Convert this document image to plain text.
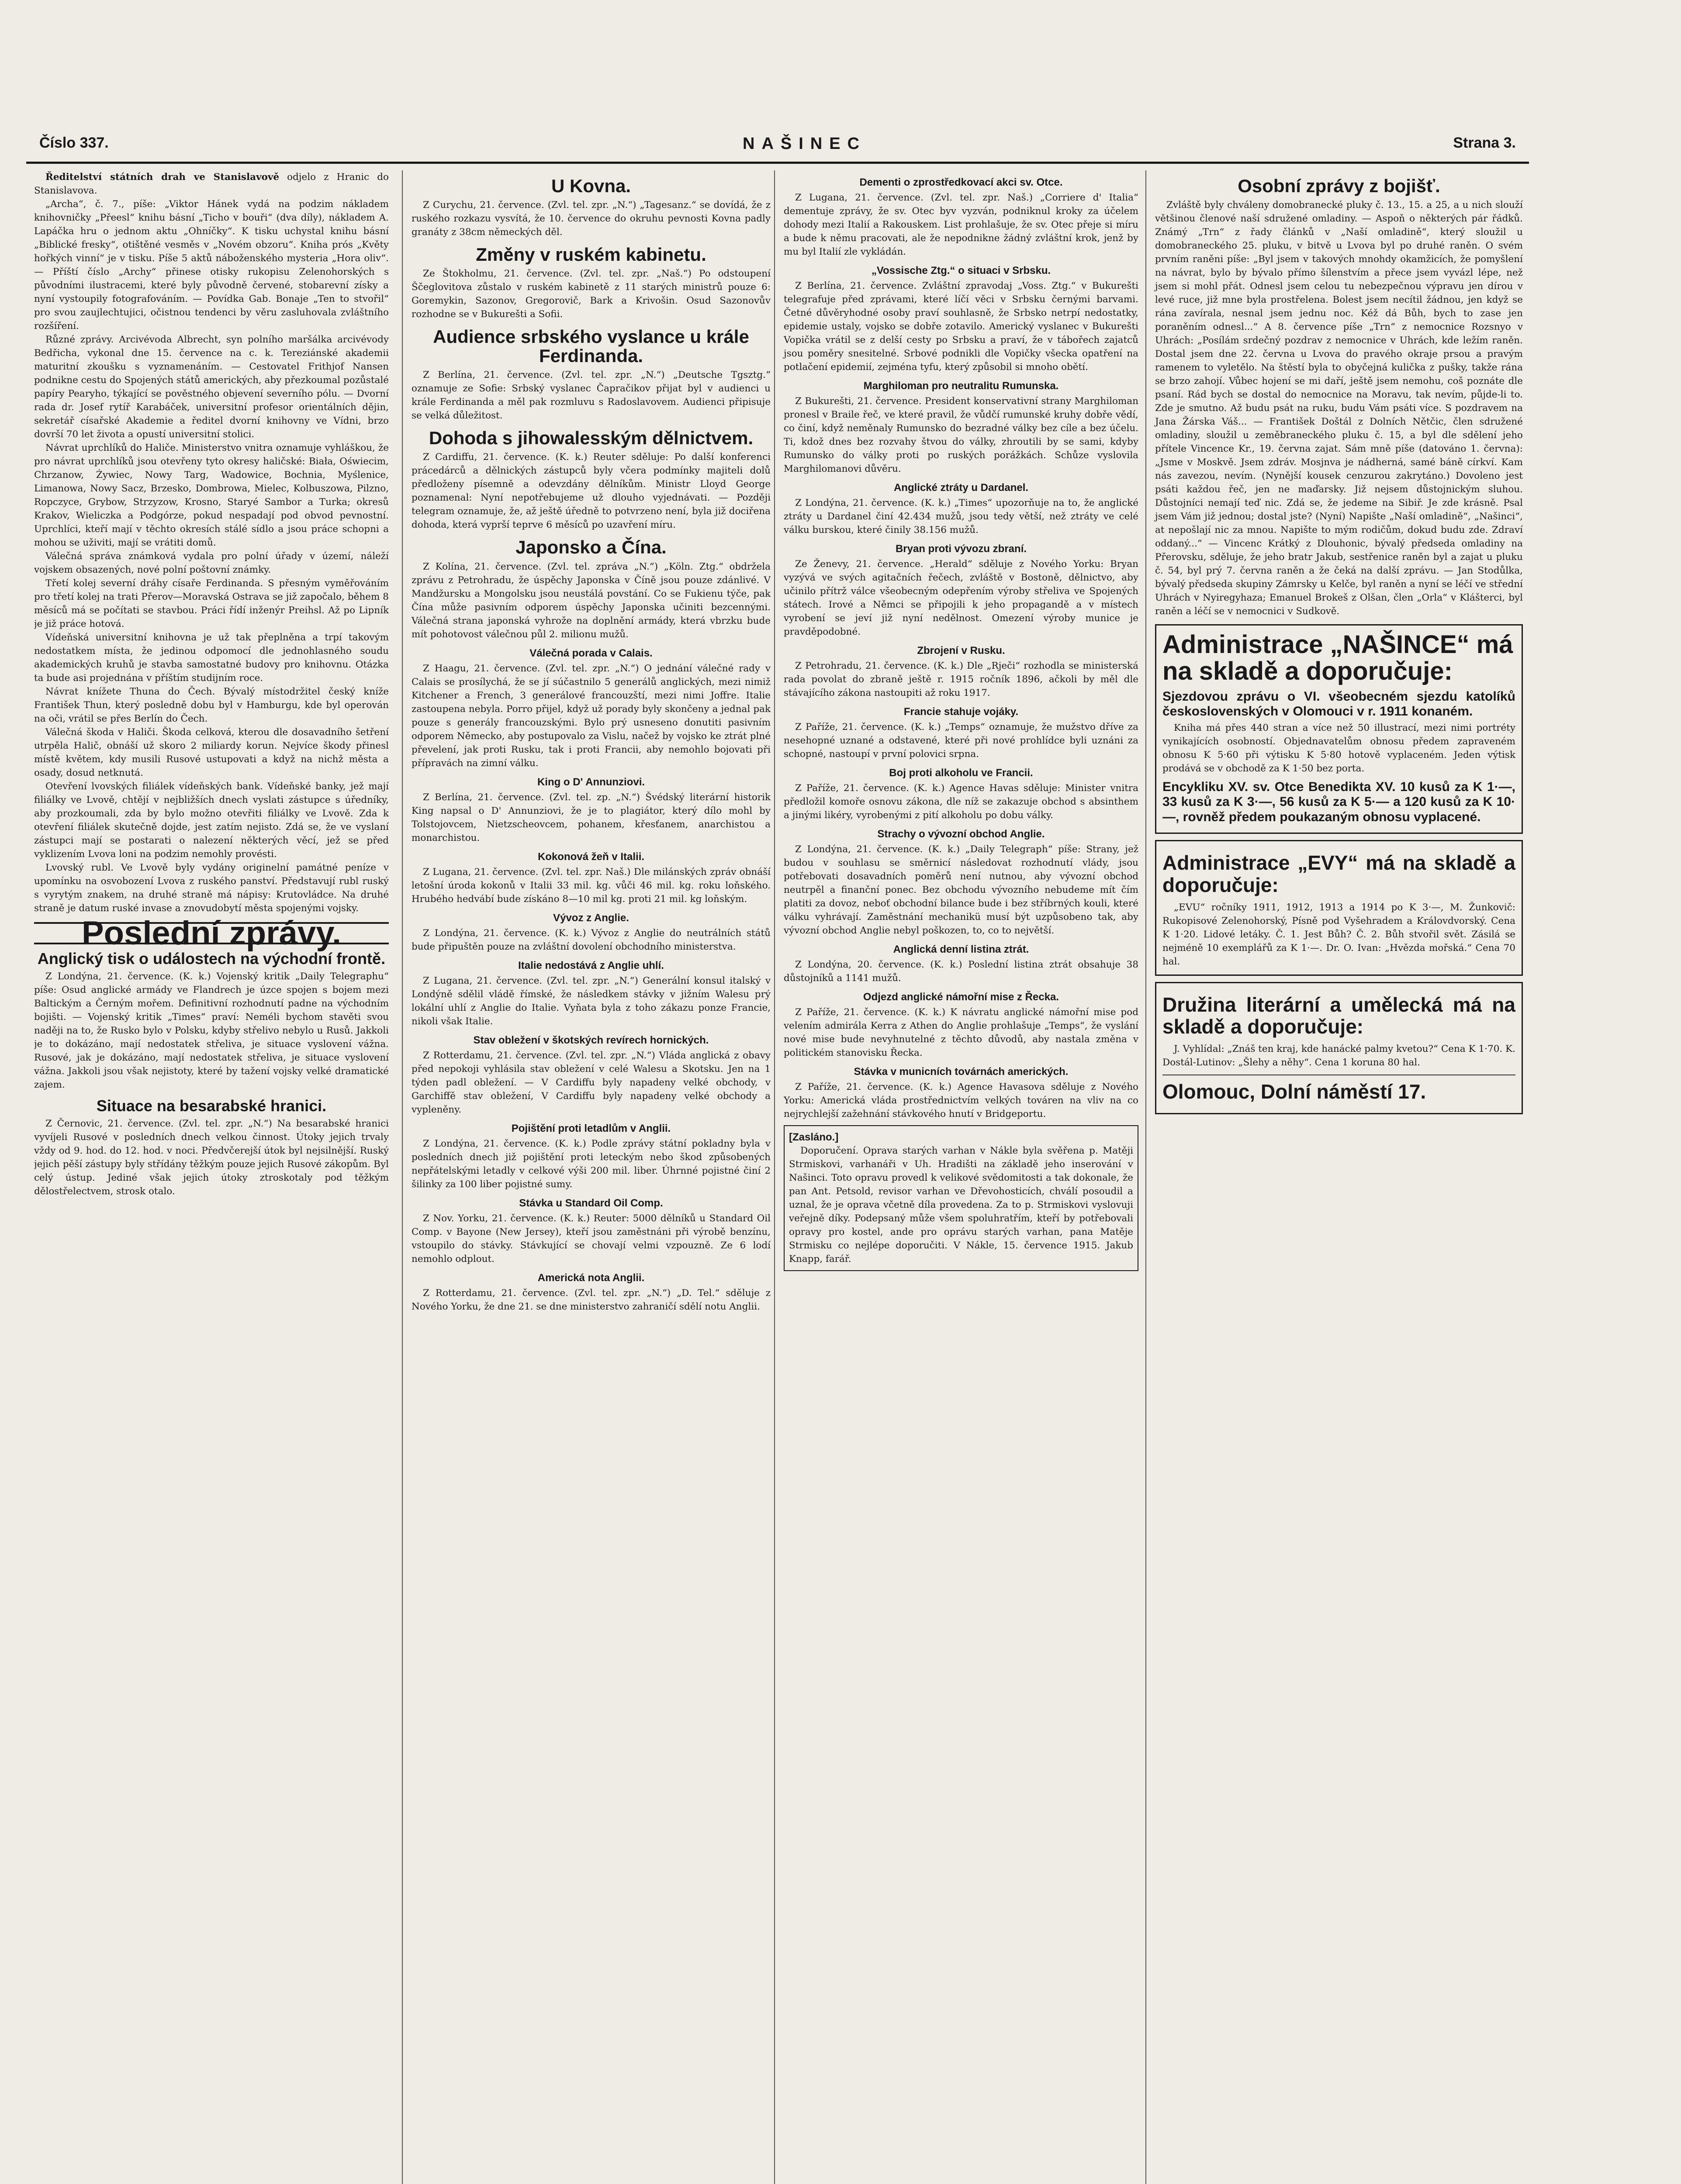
Číslo 337.	NAŠINEC	Strana 3.

Ředitelství státních drah ve Stanislavově odjelo z Hranic do Stanislavova.

„Archa“, č. 7., píše: „Viktor Hánek vydá na podzim nákladem knihovničky „Přeesl“ knihu básní „Ticho v bouři“ (dva díly), nákladem A. Lapáčka hru o jednom aktu „Ohníčky“. K tisku uchystal knihu básní „Biblické fresky“, otištěné vesměs v „Novém obzoru“. Kniha prós „Květy hořkých vinní“ je v tisku. Píše 5 aktů náboženského mysteria „Hora oliv“. — Příští číslo „Archy“ přinese otisky rukopisu Zelenohorských s původními ilustracemi, které byly původně červené, stobarevní získy a nyní vystoupily fotografováním. — Povídka Gab. Bonaje „Ten to stvořil“ pro svou zaujlechtujici, očistnou tendenci by věru zasluhovala zvláštního rozšíření.

Různé zprávy. Arcivévoda Albrecht, syn polního maršálka arcivévody Bedřicha, vykonal dne 15. července na c. k. Tereziánské akademii maturitní zkoušku s vyznamenáním. — Cestovatel Frithjof Nansen podnikne cestu do Spojených států amerických, aby přezkoumal pozůstalé papíry Pearyho, týkající se pověstného objevení severního pólu. — Dvorní rada dr. Josef rytíř Karabáček, universitní profesor orientálních dějin, sekretář císařské Akademie a ředitel dvorní knihovny ve Vídni, brzo dovrší 70 let života a opustí universitní stolici.

Návrat uprchlíků do Haliče. Ministerstvo vnitra oznamuje vyhláškou, že pro návrat uprchlíků jsou otevřeny tyto okresy haličské: Biała, Oświecim, Chrzanow, Żywiec, Nowy Targ, Wadowice, Bochnia, Myślenice, Limanowa, Nowy Sacz, Brzesko, Dombrowa, Mielec, Kolbuszowa, Pilzno, Ropczyce, Grybow, Strzyzow, Krosno, Staryé Sambor a Turka; okresů Krakov, Wieliczka a Podgórze, pokud nespadají pod obvod pevnostní. Uprchlíci, kteří mají v těchto okresích stálé sídlo a jsou práce schopni a mohou se uživiti, mají se vrátiti domů.

Válečná správa známková vydala pro polní úřady v území, náleží vojskem obsazených, nové polní poštovní známky.

Třetí kolej severní dráhy císaře Ferdinanda. S přesným vyměřováním pro třetí kolej na trati Přerov—Moravská Ostrava se již započalo, během 8 měsíců má se počítati se stavbou. Práci řídí inženýr Preihsl. Až po Lipník je již práce hotová.

Vídeňská universitní knihovna je už tak přeplněna a trpí takovým nedostatkem místa, že jedinou odpomocí dle jednohlasného soudu akademických kruhů je stavba samostatné budovy pro knihovnu. Otázka ta bude asi projednána v příštím studijním roce.

Návrat knížete Thuna do Čech. Bývalý místodržitel český kníže František Thun, který posledně dobu byl v Hamburgu, kde byl operován na oči, vrátil se přes Berlín do Čech.

Válečná škoda v Haliči. Škoda celková, kterou dle dosavadního šetření utrpěla Halič, obnáší už skoro 2 miliardy korun. Nejvíce škody přinesl místě květem, kdy musili Rusové ustupovati a když na nichž města a osady, dosud netknutá.

Otevření lvovských filiálek vídeňských bank. Vídeňské banky, jež mají filiálky ve Lvově, chtějí v nejbližších dnech vyslati zástupce s úředníky, aby prozkoumali, zda by bylo možno otevřiti filiálky ve Lvově. Zda k otevření filiálek skutečně dojde, jest zatím nejisto. Zdá se, že ve vyslaní zástupci mají se postarati o nalezení některých věcí, jež se před vyklizením Lvova loni na podzim nemohly provésti.

Lvovský rubl. Ve Lvově byly vydány originelní památné peníze v upomínku na osvobození Lvova z ruského panství. Představují rubl ruský s vyrytým znakem, na druhé straně má nápisy: Krutovládce. Na druhé straně je datum ruské invase a znovudobytí města spojenými vojsky.

Poslední zprávy.
Anglický tisk o událostech na východní frontě.

Z Londýna, 21. července. (K. k.) Vojenský kritik „Daily Telegraphu“ píše: Osud anglické armády ve Flandrech je úzce spojen s bojem mezi Baltickým a Černým mořem. Definitivní rozhodnutí padne na východním bojišti. — Vojenský kritik „Times“ praví: Neméli bychom stavěti svou naději na to, že Rusko bylo v Polsku, kdyby střelivo nebylo u Rusů. Jakkoli je to dokázáno, mají nedostatek střeliva, je situace vyslovení vážna. Rusové, jak je dokázáno, mají nedostatek střeliva, je situace vyslovení vážna. Jakkoli jsou však nejistoty, které by tažení vojsky velké dramatické zajem.

Situace na besarabské hranici.

Z Černovic, 21. července. (Zvl. tel. zpr. „N.“) Na besarabské hranici vyvíjeli Rusové v posledních dnech velkou činnost. Útoky jejich trvaly vždy od 9. hod. do 12. hod. v noci. Předvčerejší útok byl nejsilnější. Ruský jejich pěší zástupy byly střídány těžkým pouze jejich Rusové zákopům. Byl celý ústup. Jediné však jejich útoky ztroskotaly pod těžkým dělostřelectvem, strosk otalo.

U Kovna.

Z Curychu, 21. července. (Zvl. tel. zpr. „N.“) „Tagesanz.“ se dovídá, že z ruského rozkazu vysvítá, že 10. července do okruhu pevnosti Kovna padly granáty z 38cm německých děl.

Změny v ruském kabinetu.

Ze Štokholmu, 21. července. (Zvl. tel. zpr. „Naš.“) Po odstoupení Ščeglovitova zůstalo v ruském kabinetě z 11 starých ministrů pouze 6: Goremykin, Sazonov, Gregorovič, Bark a Krivošin. Osud Sazonovův rozhodne se v Bukurešti a Sofii.

Audience srbského vyslance u krále Ferdinanda.

Z Berlína, 21. července. (Zvl. tel. zpr. „N.“) „Deutsche Tgsztg.“ oznamuje ze Sofie: Srbský vyslanec Čapračikov přijat byl v audienci u krále Ferdinanda a měl pak rozmluvu s Radoslavovem. Audienci připisuje se velká důležitost.

Dohoda s jihowalesským dělnictvem.

Z Cardiffu, 21. července. (K. k.) Reuter sděluje: Po další konferenci prácedárců a dělnických zástupců byly včera podmínky majiteli dolů předloženy písemně a odevzdány dělníkům. Ministr Lloyd George poznamenal: Nyní nepotřebujeme už dlouho vyjednávati. — Později telegram oznamuje, že, až ještě úředně to potvrzeno není, byla již dociřena dohoda, která vyprší teprve 6 měsíců po uzavření míru.

Japonsko a Čína.

Z Kolína, 21. července. (Zvl. tel. zpráva „N.“) „Köln. Ztg.“ obdržela zprávu z Petrohradu, že úspěchy Japonska v Číně jsou pouze zdánlivé. V Mandžursku a Mongolsku jsou neustálá povstání. Co se Fukienu týče, pak Čína může pasivním odporem úspěchy Japonska učiniti bezcennými. Válečná strana japonská vyhrože na doplnění armády, která vbrzku bude mít pohotovost válečnou půl 2. milionu mužů.

Válečná porada v Calais.

Z Haagu, 21. července. (Zvl. tel. zpr. „N.“) O jednání válečné rady v Calais se prosílychá, že se jí súčastnilo 5 generálů anglických, mezi nimiž Kitchener a French, 3 generálové francouzští, mezi nimi Joffre. Italie zastoupena nebyla. Porro přijel, když už porady byly skončeny a jednal pak pouze s generály francouzskými. Bylo prý usneseno donutiti pasivním odporem Německo, aby postupovalo za Vislu, načež by vojsko ke ztrát plné převelení, jak proti Rusku, tak i proti Francii, aby nemohlo bojovati při přípravách na zimní válku.

King o D' Annunziovi.

Z Berlína, 21. července. (Zvl. tel. zp. „N.“) Švédský literární historik King napsal o D' Annunziovi, že je to plagiátor, který dílo mohl by Tolstojovcem, Nietzscheovcem, pohanem, křesťanem, anarchistou a monarchistou.

Kokonová žeň v Italii.

Z Lugana, 21. července. (Zvl. tel. zpr. Naš.) Dle milánských zpráv obnáší letošní úroda kokonů v Italii 33 mil. kg. vůči 46 mil. kg. roku loňského. Hrubého hedvábí bude získáno 8—10 mil kg. proti 21 mil. kg loňským.

Vývoz z Anglie.

Z Londýna, 21. července. (K. k.) Vývoz z Anglie do neutrálních států bude připuštěn pouze na zvláštní dovolení obchodního ministerstva.

Italie nedostává z Anglie uhlí.

Z Lugana, 21. července. (Zvl. tel. zpr. „N.“) Generální konsul italský v Londýně sdělil vládě římské, že následkem stávky v jižním Walesu prý lokální uhlí z Anglie do Italie. Vyňata byla z toho zákazu ponze Francie, nikoli však Italie.

Stav obležení v škotských revírech hornických.

Z Rotterdamu, 21. července. (Zvl. tel. zpr. „N.“) Vláda anglická z obavy před nepokoji vyhlásila stav obležení v celé Walesu a Skotsku. Jen na 1 týden padl obležení. — V Cardiffu byly napadeny velké obchody, v Garchiffě stav obležení, V Cardiffu byly napadeny velké obchody a vypleněny.

Pojištění proti letadlům v Anglii.

Z Londýna, 21. července. (K. k.) Podle zprávy státní pokladny byla v posledních dnech již pojištění proti leteckým nebo škod způsobených nepřátelskými letadly v celkové výši 200 mil. liber. Úhrnné pojistné činí 2 šilinky za 100 liber pojistné sumy.

Stávka u Standard Oil Comp.

Z Nov. Yorku, 21. července. (K. k.) Reuter: 5000 dělníků u Standard Oil Comp. v Bayone (New Jersey), kteří jsou zaměstnáni při výrobě benzínu, vstoupilo do stávky. Stávkující se chovají velmi vzpouzně. Ze 6 lodí nemohlo odplout.

Americká nota Anglii.

Z Rotterdamu, 21. července. (Zvl. tel. zpr. „N.“) „D. Tel.“ sděluje z Nového Yorku, že dne 21. se dne ministerstvo zahraničí sdělí notu Anglii.

Dementi o zprostředkovací akci sv. Otce.

Z Lugana, 21. července. (Zvl. tel. zpr. Naš.) „Corriere d' Italia“ dementuje zprávy, že sv. Otec byv vyzván, podniknul kroky za účelem dohody mezi Italií a Rakouskem. List prohlašuje, že sv. Otec přeje si míru a bude k němu pracovati, ale že nepodnikne žádný zvláštní krok, jenž by mu byl Italií zle vykládán.

„Vossische Ztg.“ o situaci v Srbsku.

Z Berlína, 21. července. Zvláštní zpravodaj „Voss. Ztg.“ v Bukurešti telegrafuje před zprávami, které líčí věci v Srbsku černými barvami. Četné důvěryhodné osoby praví souhlasně, že Srbsko netrpí nedostatky, epidemie ustaly, vojsko se dobře zotavilo. Americký vyslanec v Bukurešti Vopička vrátil se z delší cesty po Srbsku a praví, že v tábořech zajatců jsou poměry snesitelné. Srbové podnikli dle Vopičky všecka opatření na potlačení epidemií, zejména tyfu, který způsobil si mnoho obětí.

Marghiloman pro neutralitu Rumunska.

Z Bukurešti, 21. července. President konservativní strany Marghiloman pronesl v Braile řeč, ve které pravil, že vůdčí rumunské kruhy dobře vědí, co činí, když neměnaly Rumunsko do bezradné války bez cíle a bez účelu. Ti, kdož dnes bez rozvahy štvou do války, zhroutili by se sami, kdyby Rumunsko do války proti po ruských porážkách. Schůze vyslovila Marghilomanovi důvěru.

Anglické ztráty u Dardanel.

Z Londýna, 21. července. (K. k.) „Times“ upozorňuje na to, že anglické ztráty u Dardanel činí 42.434 mužů, jsou tedy větší, než ztráty ve celé válku burskou, které činily 38.156 mužů.

Bryan proti vývozu zbraní.

Ze Ženevy, 21. července. „Herald“ sděluje z Nového Yorku: Bryan vyzývá ve svých agitačních řečech, zvláště v Bostoně, dělnictvo, aby učinilo přítrž válce všeobecným odepřením výroby střeliva ve Spojených státech. Irové a Němci se připojili k jeho propagandě a v místech vyrobení se jeví již nyní nedělnost. Omezení výroby munice je pravděpodobné.

Zbrojení v Rusku.

Z Petrohradu, 21. července. (K. k.) Dle „Rječi“ rozhodla se ministerská rada povolat do zbraně ještě r. 1915 ročník 1896, ačkoli by měl dle stávajícího zákona nastoupiti až roku 1917.

Francie stahuje vojáky.

Z Paříže, 21. července. (K. k.) „Temps“ oznamuje, že mužstvo dříve za nesehopné uznané a odstavené, které při nové prohlídce byli uznáni za schopné, nastoupí v první polovici srpna.

Boj proti alkoholu ve Francii.

Z Paříže, 21. července. (K. k.) Agence Havas sděluje: Minister vnitra předložil komoře osnovu zákona, dle níž se zakazuje obchod s absinthem a jinými likéry, vyrobenými z pití alkoholu po dobu války.

Strachy o vývozní obchod Anglie.

Z Londýna, 21. července. (K. k.) „Daily Telegraph“ píše: Strany, jež budou v souhlasu se směrnicí následovat rozhodnutí vlády, jsou potřebovati dosavadních poměrů není nutnou, aby vývozní obchod neutrpěl a finanční ponec. Bez obchodu vývozního nebudeme mít čím platiti za dovoz, neboť obchodní bilance bude i bez stříbrných kouli, které válku vyhrávají. Zaměstnání mechanikü musí být uzpůsobeno tak, aby vývozní obchod Anglie nebyl poškozen, to, co to největší.

Anglická denní listina ztrát.

Z Londýna, 20. července. (K. k.) Poslední listina ztrát obsahuje 38 důstojníků a 1141 mužů.

Odjezd anglické námořní mise z Řecka.

Z Paříže, 21. července. (K. k.) K návratu anglické námořní mise pod velením admirála Kerra z Athen do Anglie prohlašuje „Temps“, že vyslání nové mise bude nevyhnutelné z těchto důvodů, aby nastala změna v politickém stanovisku Řecka.

Stávka v municních továrnách amerických.

Z Paříže, 21. července. (K. k.) Agence Havasova sděluje z Nového Yorku: Americká vláda prostřednictvím velkých továren na vliv na co nejrychlejší zažehnání stávkového hnutí v Bridgeportu.

[Zasláno.]

Doporučení. Oprava starých varhan v Nákle byla svěřena p. Matěji Strmiskovi, varhanáři v Uh. Hradišti na základě jeho inserování v Našinci. Toto opravu provedl k velikové svědomitosti a tak dokonale, že pan Ant. Petsold, revisor varhan ve Dřevohosticích, chválí posoudil a uznal, že je oprava včetně díla provedena. Za to p. Strmiskovi vyslovuji veřejně díky. Podepsaný může všem spoluhratřím, kteří by potřebovali opravy pro kostel, ande pro oprávu starých varhan, pana Matěje Strmisku co nejlépe doporučiti. V Nákle, 15. července 1915. Jakub Knapp, farář.

Osobní zprávy z bojišť.

Zvláště byly chváleny domobranecké pluky č. 13., 15. a 25, a u nich slouží většinou členové naší sdružené omladiny. — Aspoň o některých pár řádků. Známý „Trn“ z řady článků v „Naší omladině“, který sloužil u domobraneckého 25. pluku, v bitvě u Lvova byl po druhé raněn. O svém prvním raněni píše: „Byl jsem v takových mnohdy okamžicích, že pomyšlení na návrat, bylo by bývalo přímo šílenstvím a přece jsem vyvázl lépe, než jsem si mohl přát. Odnesl jsem celou tu nebezpečnou výpravu jen dírou v levé ruce, již mne byla prostřelena. Bolest jsem necítil žádnou, jen když se rána zavírala, nesnal jsem jednu noc. Kéž dá Bůh, bych to zase jen poraněním odnesl...“ A 8. července píše „Trn“ z nemocnice Rozsnyo v Uhrách: „Posílám srdečný pozdrav z nemocnice v Uhrách, kde ležím raněn. Dostal jsem dne 22. června u Lvova do pravého okraje prsou a pravým ramenem to vyletělo. Na štěstí byla to obyčejná kulička z pušky, takže rána se brzo zahojí. Vůbec hojení se mi daří, ještě jsem nemohu, coš poznáte dle psaní. Rád bych se dostal do nemocnice na Moravu, tak nevím, půjde-li to. Zde je smutno. Až budu psát na ruku, budu Vám psáti více. S pozdravem na Jana Žárska Váš... — František Doštál z Dolních Nětčic, člen sdružené omladiny, sloužil u zeměbraneckého pluku č. 15, a byl dle sdělení jeho přítele Vincence Kr., 19. června zajat. Sám mně píše (datováno 1. června): „Jsme v Moskvě. Jsem zdráv. Mosjnva je nádherná, samé báně církví. Kam nás zavezou, nevím. (Nynější kousek cenzurou zakrytáno.) Dovoleno jest psáti každou řeč, jen ne maďarsky. Již nejsem důstojnickým sluhou. Důstojníci nemají teď nic. Zdá se, že jedeme na Sibiř. Je zde krásně. Psal jsem Vám již jednou; dostal jste? (Nyní) Napište „Naší omladině“, „Našinci“, at nepošlají nic za mnou. Napište to mým rodičům, dokud budu zde. Zdraví oddaný...“ — Vincenc Krátký z Dlouhonic, bývalý předseda omladiny na Přerovsku, sděluje, že jeho bratr Jakub, sestřenice raněn byl a zajat u pluku č. 54, byl prý 7. června raněn a že čeká na další zprávu. — Jan Stodůlka, bývalý předseda skupiny Zámrsky u Kelče, byl raněn a nyní se léčí ve střední Uhrách v Nyiregyhaza; Emanuel Brokeš z Olšan, člen „Orla“ v Klášterci, byl raněn a léčí se v nemocnici v Sudkově.

Administrace „NAŠINCE“ má na skladě a doporučuje:
Sjezdovou zprávu o VI. všeobecném sjezdu katolíků československých v Olomouci v r. 1911 konaném.

Kniha má přes 440 stran a více než 50 illustrací, mezi nimi portréty vynikajících osobností. Objednavatelům obnosu předem zapraveném obnosu K 5·60 při výtisku K 5·80 hotově vyplaceném. Jeden výtisk prodává se v obchodě za K 1·50 bez porta.

Encykliku XV. sv. Otce Benedikta XV. 10 kusů za K 1·—, 33 kusů za K 3·—, 56 kusů za K 5·— a 120 kusů za K 10·—, rovněž předem poukazaným obnosu vyplacené.
Administrace „EVY“ má na skladě a doporučuje:

„EVU“ ročníky 1911, 1912, 1913 a 1914 po K 3·—, M. Žunkovič: Rukopisové Zelenohorský, Písně pod Vyšehradem a Královdvorský. Cena K 1·20. Lidové letáky. Č. 1. Jest Bůh? Č. 2. Bůh stvořil svět. Zásilá se nejméně 10 exemplářů za K 1·—. Dr. O. Ivan: „Hvězda mořská.“ Cena 70 hal.

Družina literární a umělecká má na skladě a doporučuje:

J. Vyhlídal: „Znáš ten kraj, kde hanácké palmy kvetou?“ Cena K 1·70. K. Dostál-Lutinov: „Šlehy a něhy“. Cena 1 koruna 80 hal.

Olomouc, Dolní náměstí 17.
